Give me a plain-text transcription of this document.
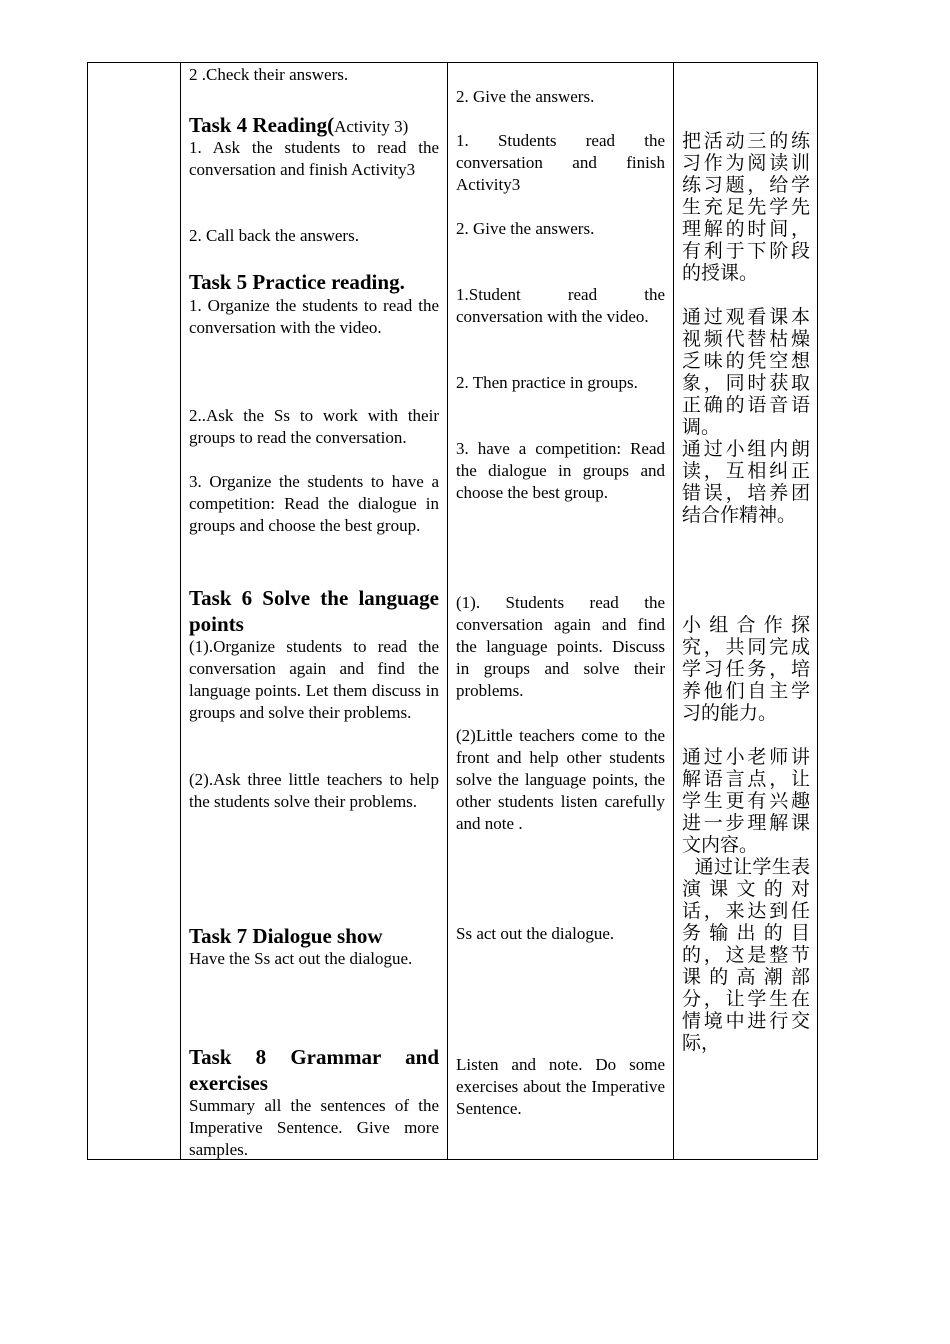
2 .Check their answers.
Task 4 Reading(Activity 3)
1. Ask the students to read the conversation and finish Activity3
2. Call back the answers.
Task 5 Practice reading.
1. Organize the students to read the conversation with the video.
2..Ask the Ss to work with their groups to read the conversation.
3. Organize the students to have a competition: Read the dialogue in groups and choose the best group.
Task 6 Solve the language points
(1).Organize students to read the conversation again and find the language points. Let them discuss in groups and solve their problems.
(2).Ask three little teachers to help the students solve their problems.
Task 7 Dialogue show
Have the Ss act out the dialogue.
Task 8 Grammar and exercises
Summary all the sentences of the Imperative Sentence. Give more samples.
2. Give the answers.
1. Students read the conversation and finish Activity3
2. Give the answers.
1.Student read the conversation with the video.
2. Then practice in groups.
3. have a competition: Read the dialogue in groups and choose the best group.
(1). Students read the conversation again and find the language points. Discuss in groups and solve their problems.
(2)Little teachers come to the front and help other students solve the language points, the other students listen carefully and note .
Ss act out the dialogue.
Listen and note. Do some exercises about the Imperative Sentence.
把活动三的练习作为阅读训练习题，给学生充足先学先理解的时间，有利于下阶段的授课。
通过观看课本视频代替枯燥乏味的凭空想象，同时获取正确的语音语调。
通过小组内朗读，互相纠正错误，培养团结合作精神。
小组合作探究，共同完成学习任务，培养他们自主学习的能力。
通过小老师讲解语言点，让学生更有兴趣进一步理解课文内容。
通过让学生表演课文的对话，来达到任务输出的目的，这是整节课的高潮部分，让学生在情境中进行交际，
